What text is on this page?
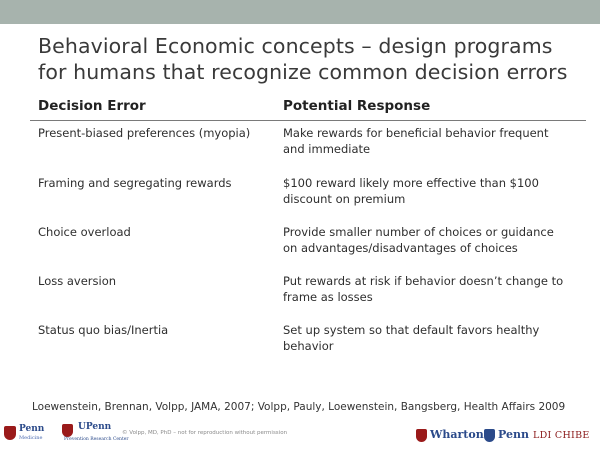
Behavioral Economic concepts – design programs
for humans that recognize common decision errors
Decision Error	Potential Response
Present-biased preferences (myopia)	Make rewards for beneficial behavior frequent
and immediate
Framing and segregating rewards	$100 reward likely more effective than $100
discount on premium
Choice overload	Provide smaller number of choices or guidance
on advantages/disadvantages of choices
Loss aversion	Put rewards at risk if behavior doesn’t change to
frame as losses
Status quo bias/Inertia	Set up system so that default favors healthy
behavior
Loewenstein, Brennan, Volpp, JAMA, 2007; Volpp, Pauly, Loewenstein, Bangsberg, Health Affairs 2009
Penn
Medicine
UPenn
Prevention Research Center
© Volpp, MD, PhD – not for reproduction without permission	Wharton Penn LDI CHIBE
